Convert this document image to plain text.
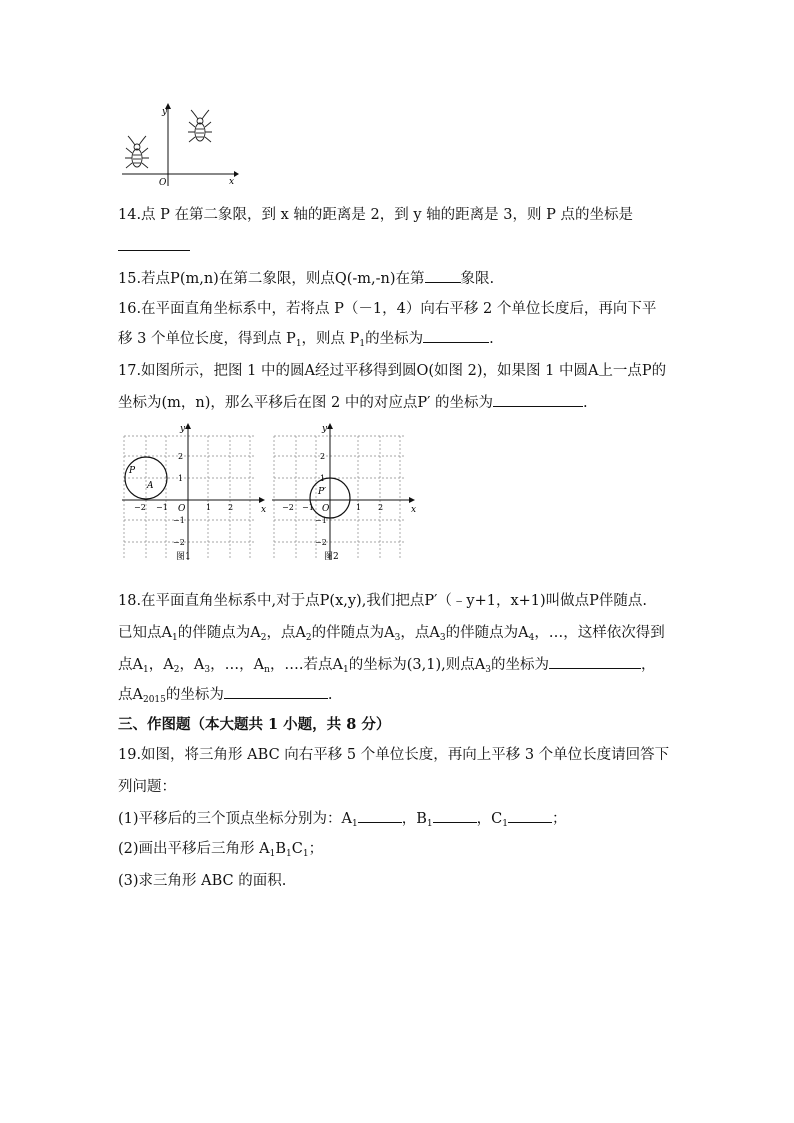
y
x
O
14.点 P 在第二象限，到 x 轴的距离是 2，到 y 轴的距离是 3，则 P 点的坐标是
15.若点P(m,n)在第二象限，则点Q(-m,-n)在第 象限.
16.在平面直角坐标系中，若将点 P（－1，4）向右平移 2 个单位长度后，再向下平
移 3 个单位长度，得到点 $P_1$，则点 $P_1$的坐标为	.
17.如图所示，把图 1 中的圆A经过平移得到圆O(如图 2)，如果图 1 中圆A上一点P的
坐标为(m，n)，那么平移后在图 2 中的对应点P′ 的坐标为	.
y
x
O
−2 −1	1 2
2
1
−1
−2
P
A
图1
y
x
O
−2 −1	1 2
2
1
−1
−2
P′
图2
18.在平面直角坐标系中,对于点P(x,y),我们把点P′（﹣y+1，x+1)叫做点P伴随点.
已知点$A_1$的伴随点为$A_2$，点$A_2$的伴随点为$A_3$，点$A_3$的伴随点为$A_4$，…，这样依次得到
点$A_1$，$A_2$，$A_3$，…，$A_n$，….若点$A_1$的坐标为(3,1),则点$A_3$的坐标为	，
点$A_{2015}$的坐标为	.
三、作图题（本大题共 1 小题，共 8 分）
19.如图，将三角形 ABC 向右平移 5 个单位长度，再向上平移 3 个单位长度请回答下
列问题：
(1)平移后的三个顶点坐标分别为：$A_1$	，$B_1$	，$C_1$	；
(2)画出平移后三角形 $A_1B_1C_1$；
(3)求三角形 ABC 的面积.
